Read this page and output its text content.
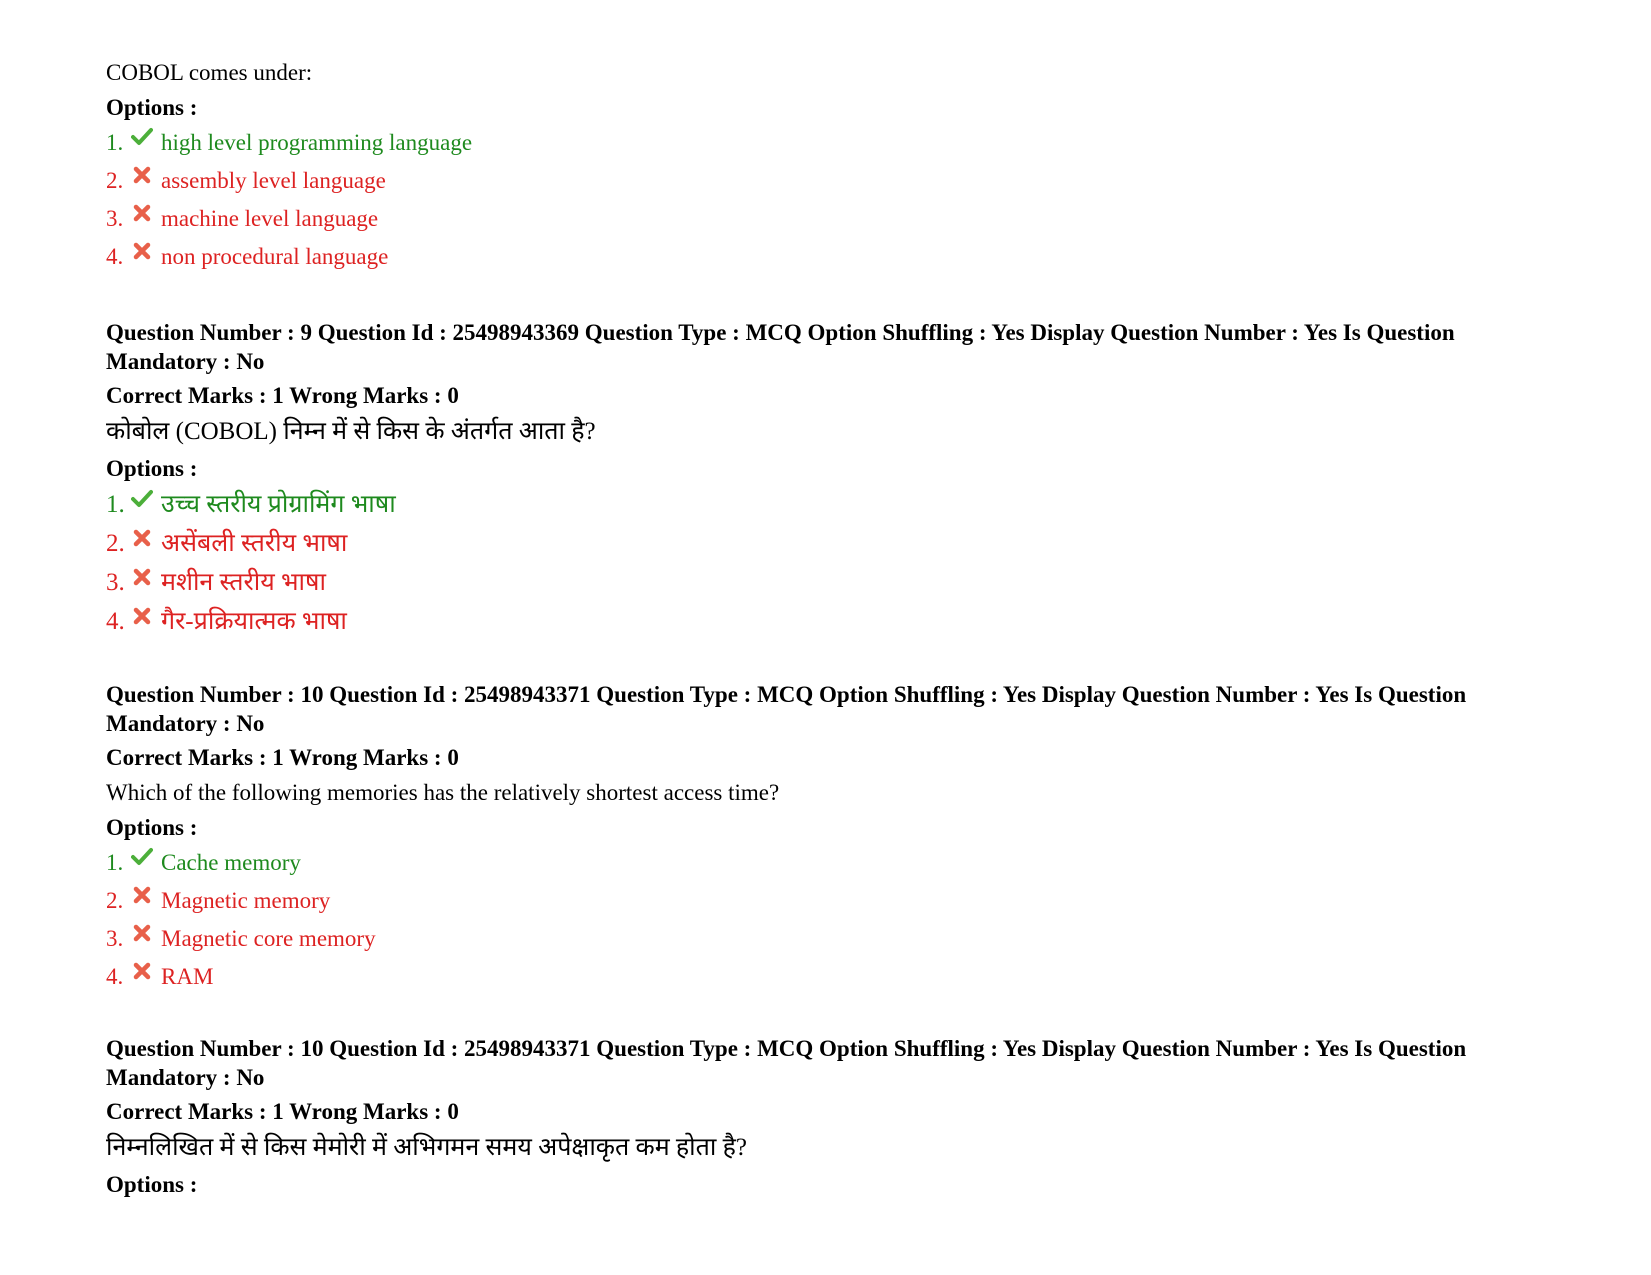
COBOL comes under:
Options :
1.	high level programming language
2.	assembly level language
3.	machine level language
4.	non procedural language
Question Number : 9 Question Id : 25498943369 Question Type : MCQ Option Shuffling : Yes Display Question Number : Yes Is Question Mandatory : No
Correct Marks : 1 Wrong Marks : 0
कोबोल (COBOL) निम्न में से किस के अंतर्गत आता है?
Options :
1. उच्च स्तरीय प्रोग्रामिंग भाषा
2. असेंबली स्तरीय भाषा
3. मशीन स्तरीय भाषा
4. गैर-प्रक्रियात्मक भाषा
Question Number : 10 Question Id : 25498943371 Question Type : MCQ Option Shuffling : Yes Display Question Number : Yes Is Question Mandatory : No
Correct Marks : 1 Wrong Marks : 0
Which of the following memories has the relatively shortest access time?
Options :
1.	Cache memory
2.	Magnetic memory
3.	Magnetic core memory
4.	RAM
Question Number : 10 Question Id : 25498943371 Question Type : MCQ Option Shuffling : Yes Display Question Number : Yes Is Question Mandatory : No
Correct Marks : 1 Wrong Marks : 0
निम्नलिखित में से किस मेमोरी में अभिगमन समय अपेक्षाकृत कम होता है?
Options :
